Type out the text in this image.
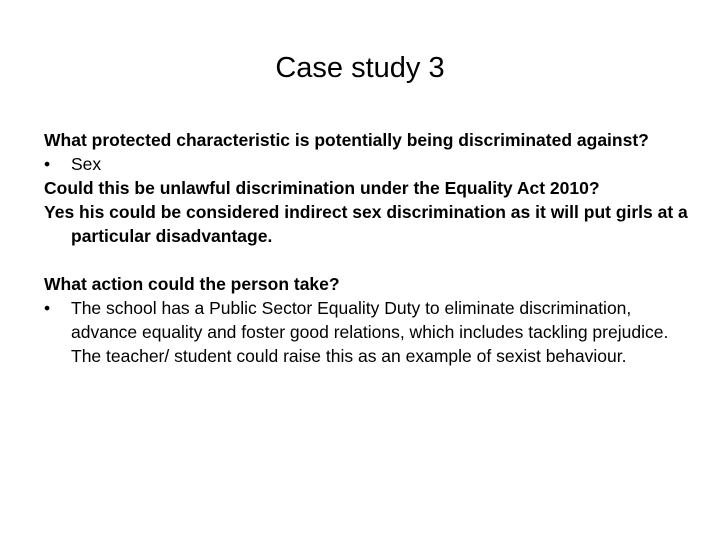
Case study 3
What protected characteristic is potentially being discriminated against?
•	Sex
Could this be unlawful discrimination under the Equality Act 2010?
Yes his could be considered indirect sex discrimination as it will put girls at a particular disadvantage.
What action could the person take?
•	The school has a Public Sector Equality Duty to eliminate discrimination, advance equality and foster good relations, which includes tackling prejudice. The teacher/ student could raise this as an example of sexist behaviour.
